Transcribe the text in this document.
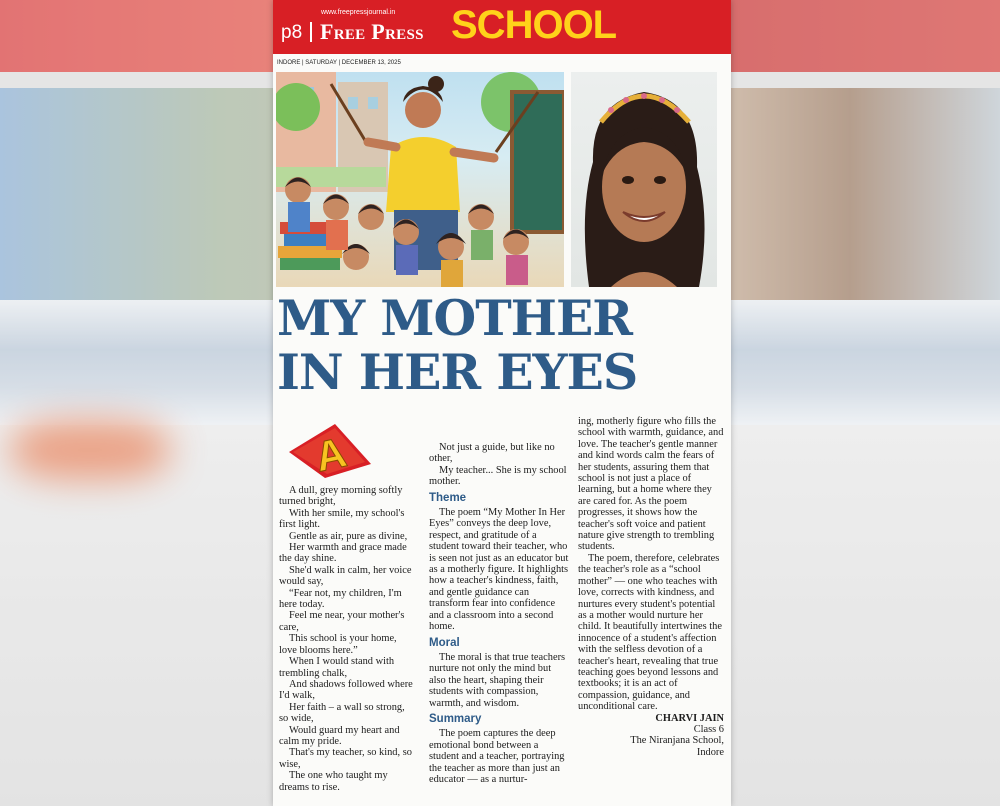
p8
www.freepressjournal.in
Free Press SCHOOL
INDORE | SATURDAY | DECEMBER 13, 2025
MY MOTHER
IN HER EYES
A

A dull, grey morning softly turned bright,

With her smile, my school's first light.

Gentle as air, pure as divine,

Her warmth and grace made the day shine.

She'd walk in calm, her voice would say,

“Fear not, my children, I'm here today.

Feel me near, your mother's care,

This school is your home, love blooms here.”

When I would stand with trembling chalk,

And shadows followed where I'd walk,

Her faith – a wall so strong, so wide,

Would guard my heart and calm my pride.

That's my teacher, so kind, so wise,

The one who taught my dreams to rise.

Not just a guide, but like no other,

My teacher... She is my school mother.

Theme

The poem “My Mother In Her Eyes” conveys the deep love, respect, and gratitude of a student toward their teacher, who is seen not just as an educator but as a motherly figure. It highlights how a teacher's kindness, faith, and gentle guidance can transform fear into confidence and a classroom into a second home.

Moral

The moral is that true teachers nurture not only the mind but also the heart, shaping their students with compassion, warmth, and wisdom.

Summary

The poem captures the deep emotional bond between a student and a teacher, portraying the teacher as more than just an educator — as a nurtur-

ing, motherly figure who fills the school with warmth, guidance, and love. The teacher's gentle manner and kind words calm the fears of her students, assuring them that school is not just a place of learning, but a home where they are cared for. As the poem progresses, it shows how the teacher's soft voice and patient nature give strength to trembling students.

The poem, therefore, celebrates the teacher's role as a “school mother” — one who teaches with love, corrects with kindness, and nurtures every student's potential as a mother would nurture her child. It beautifully intertwines the innocence of a student's affection with the selfless devotion of a teacher's heart, revealing that true teaching goes beyond lessons and textbooks; it is an act of compassion, guidance, and unconditional care.

CHARVI JAIN

Class 6

The Niranjana School,

Indore
